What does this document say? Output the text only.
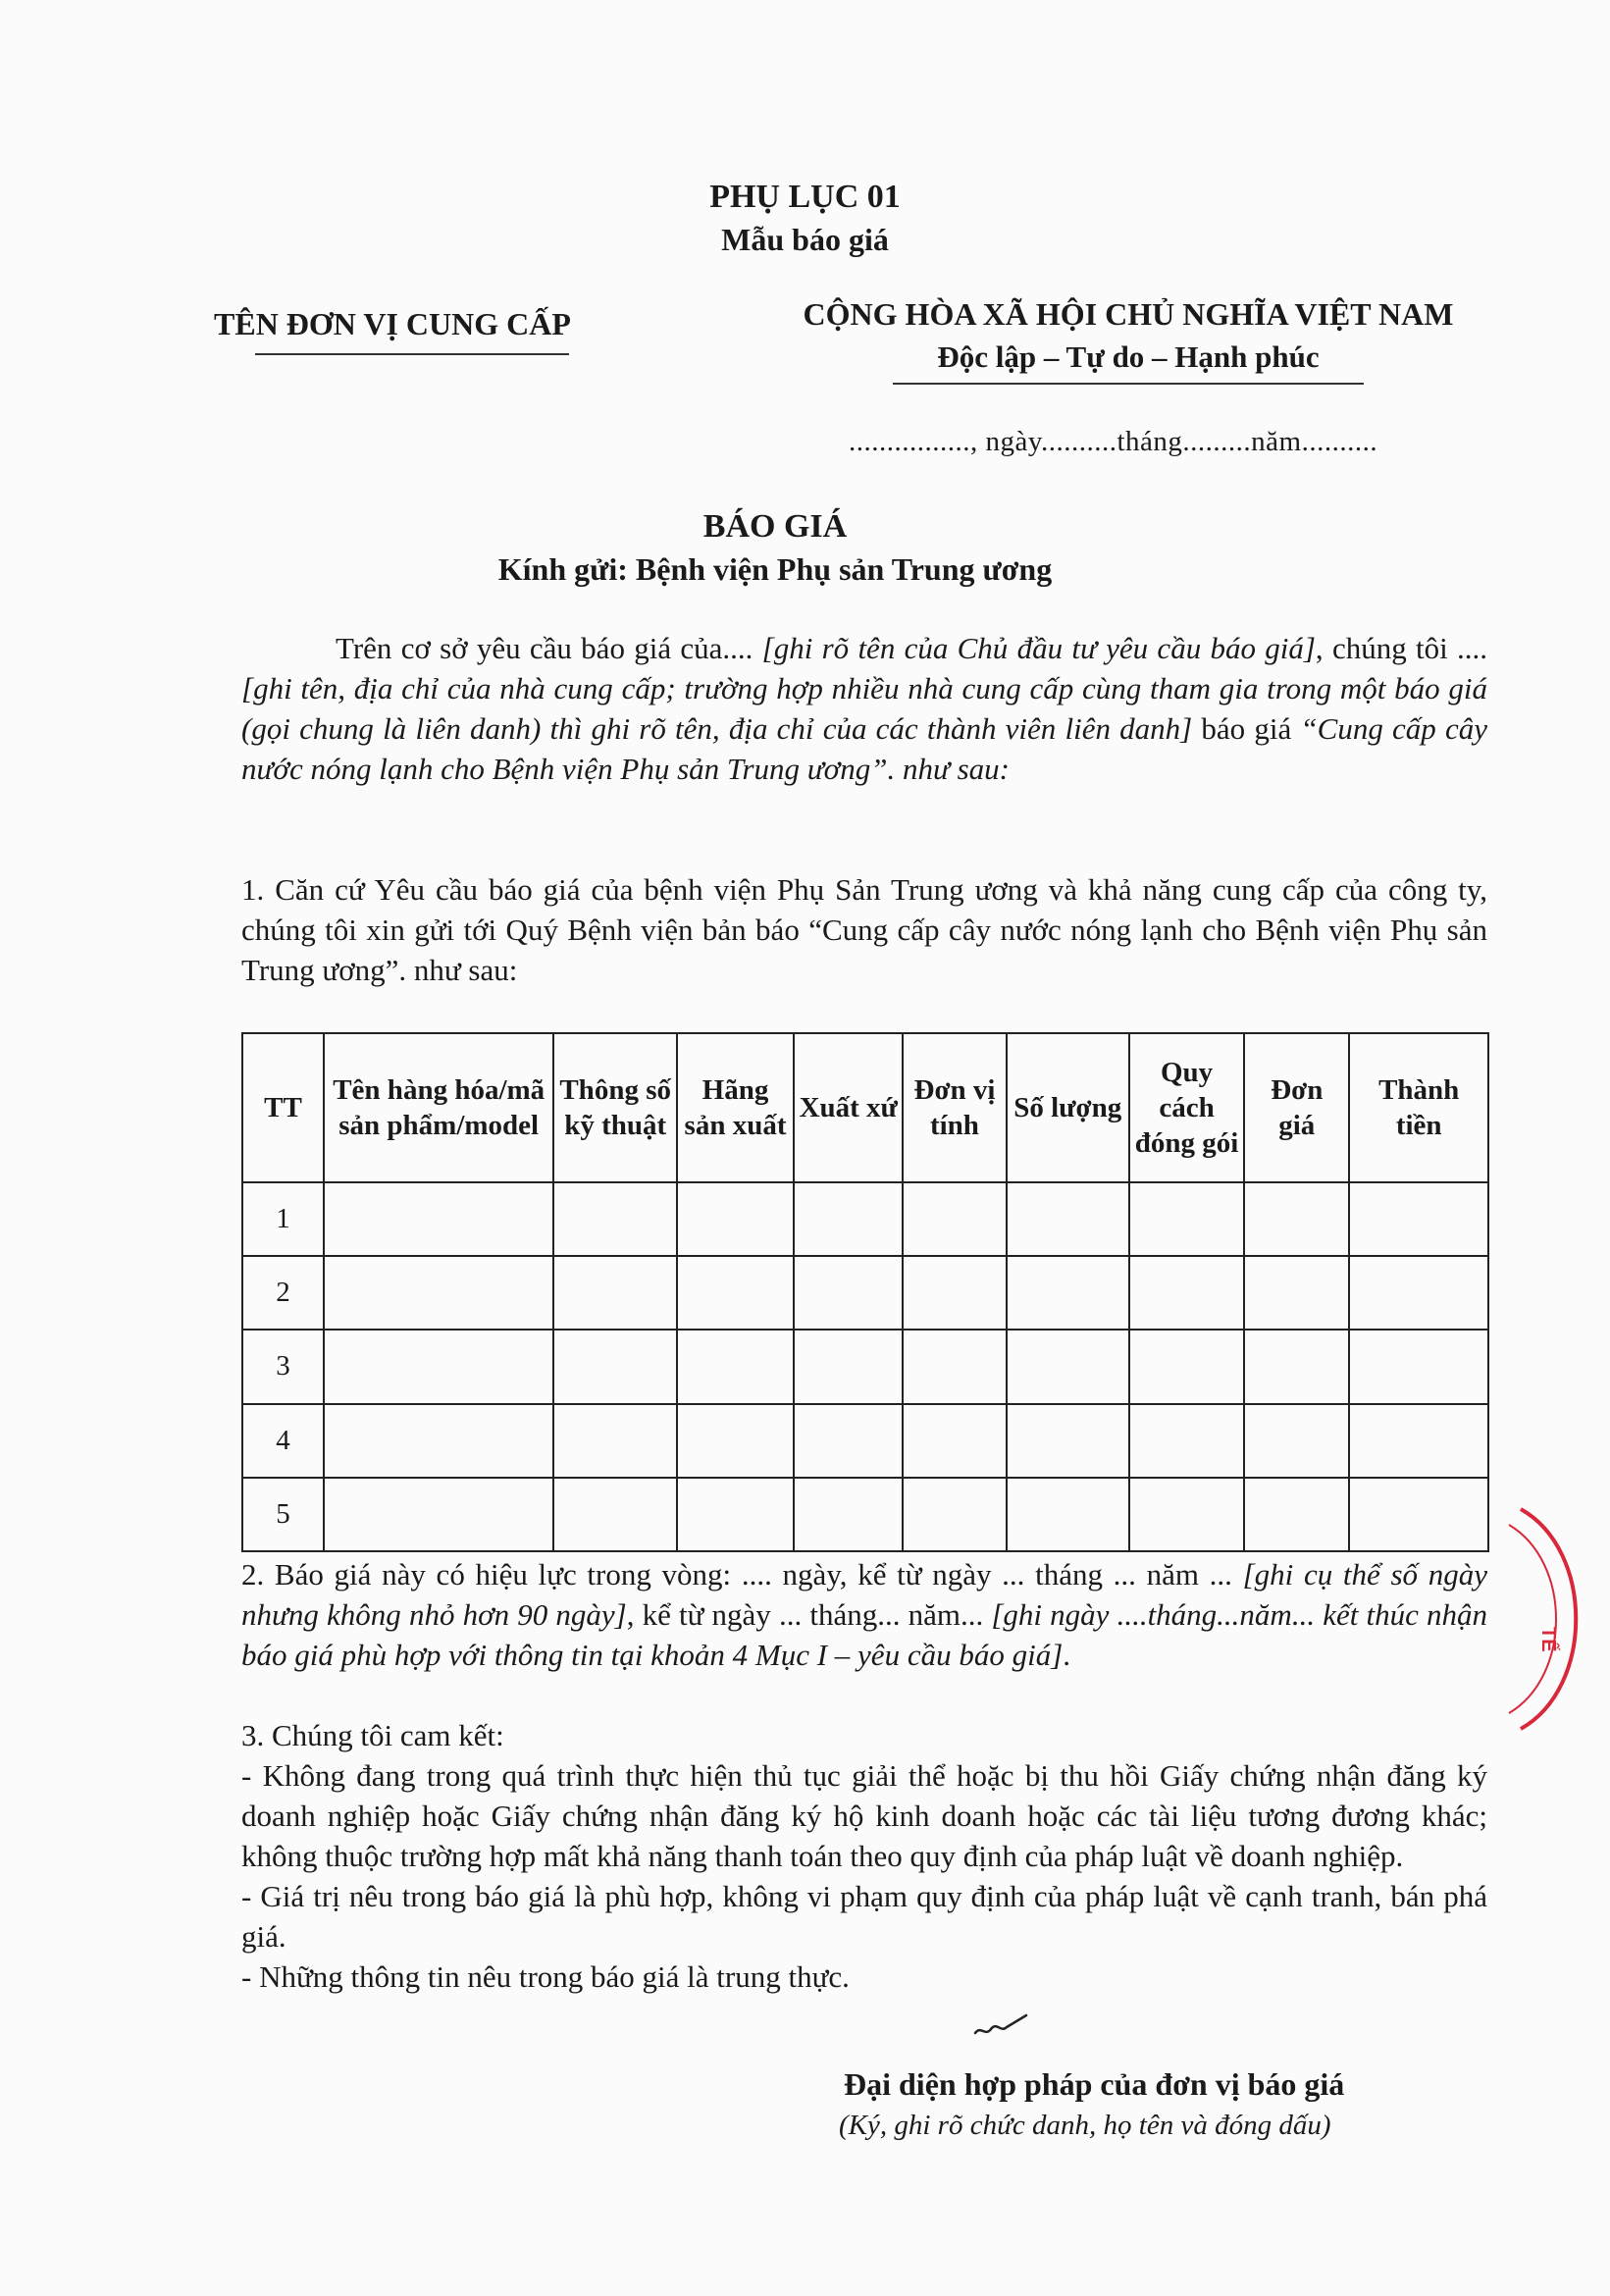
PHỤ LỤC 01
Mẫu báo giá
TÊN ĐƠN VỊ CUNG CẤP	CỘNG HÒA XÃ HỘI CHỦ NGHĨA VIỆT NAM
Độc lập – Tự do – Hạnh phúc
................, ngày..........tháng.........năm..........
BÁO GIÁ
Kính gửi: Bệnh viện Phụ sản Trung ương
Trên cơ sở yêu cầu báo giá của.... [ghi rõ tên của Chủ đầu tư yêu cầu báo giá], chúng tôi .... [ghi tên, địa chỉ của nhà cung cấp; trường hợp nhiều nhà cung cấp cùng tham gia trong một báo giá (gọi chung là liên danh) thì ghi rõ tên, địa chỉ của các thành viên liên danh] báo giá “Cung cấp cây nước nóng lạnh cho Bệnh viện Phụ sản Trung ương”. như sau:
1. Căn cứ Yêu cầu báo giá của bệnh viện Phụ Sản Trung ương và khả năng cung cấp của công ty, chúng tôi xin gửi tới Quý Bệnh viện bản báo “Cung cấp cây nước nóng lạnh cho Bệnh viện Phụ sản Trung ương”. như sau:
TT	Tên hàng hóa/mã sản phẩm/model	Thông số kỹ thuật	Hãng sản xuất	Xuất xứ	Đơn vị tính	Số lượng	Quy cách đóng gói	Đơn giá	Thành tiền
1									
2									
3									
4									
5									
2. Báo giá này có hiệu lực trong vòng: .... ngày, kể từ ngày ... tháng ... năm ... [ghi cụ thể số ngày nhưng không nhỏ hơn 90 ngày], kể từ ngày ... tháng... năm... [ghi ngày ....tháng...năm... kết thúc nhận báo giá phù hợp với thông tin tại khoản 4 Mục I – yêu cầu báo giá].
3. Chúng tôi cam kết:
- Không đang trong quá trình thực hiện thủ tục giải thể hoặc bị thu hồi Giấy chứng nhận đăng ký doanh nghiệp hoặc Giấy chứng nhận đăng ký hộ kinh doanh hoặc các tài liệu tương đương khác; không thuộc trường hợp mất khả năng thanh toán theo quy định của pháp luật về doanh nghiệp.
- Giá trị nêu trong báo giá là phù hợp, không vi phạm quy định của pháp luật về cạnh tranh, bán phá giá.
- Những thông tin nêu trong báo giá là trung thực.
Đại diện hợp pháp của đơn vị báo giá
(Ký, ghi rõ chức danh, họ tên và đóng dấu)
TẾ
